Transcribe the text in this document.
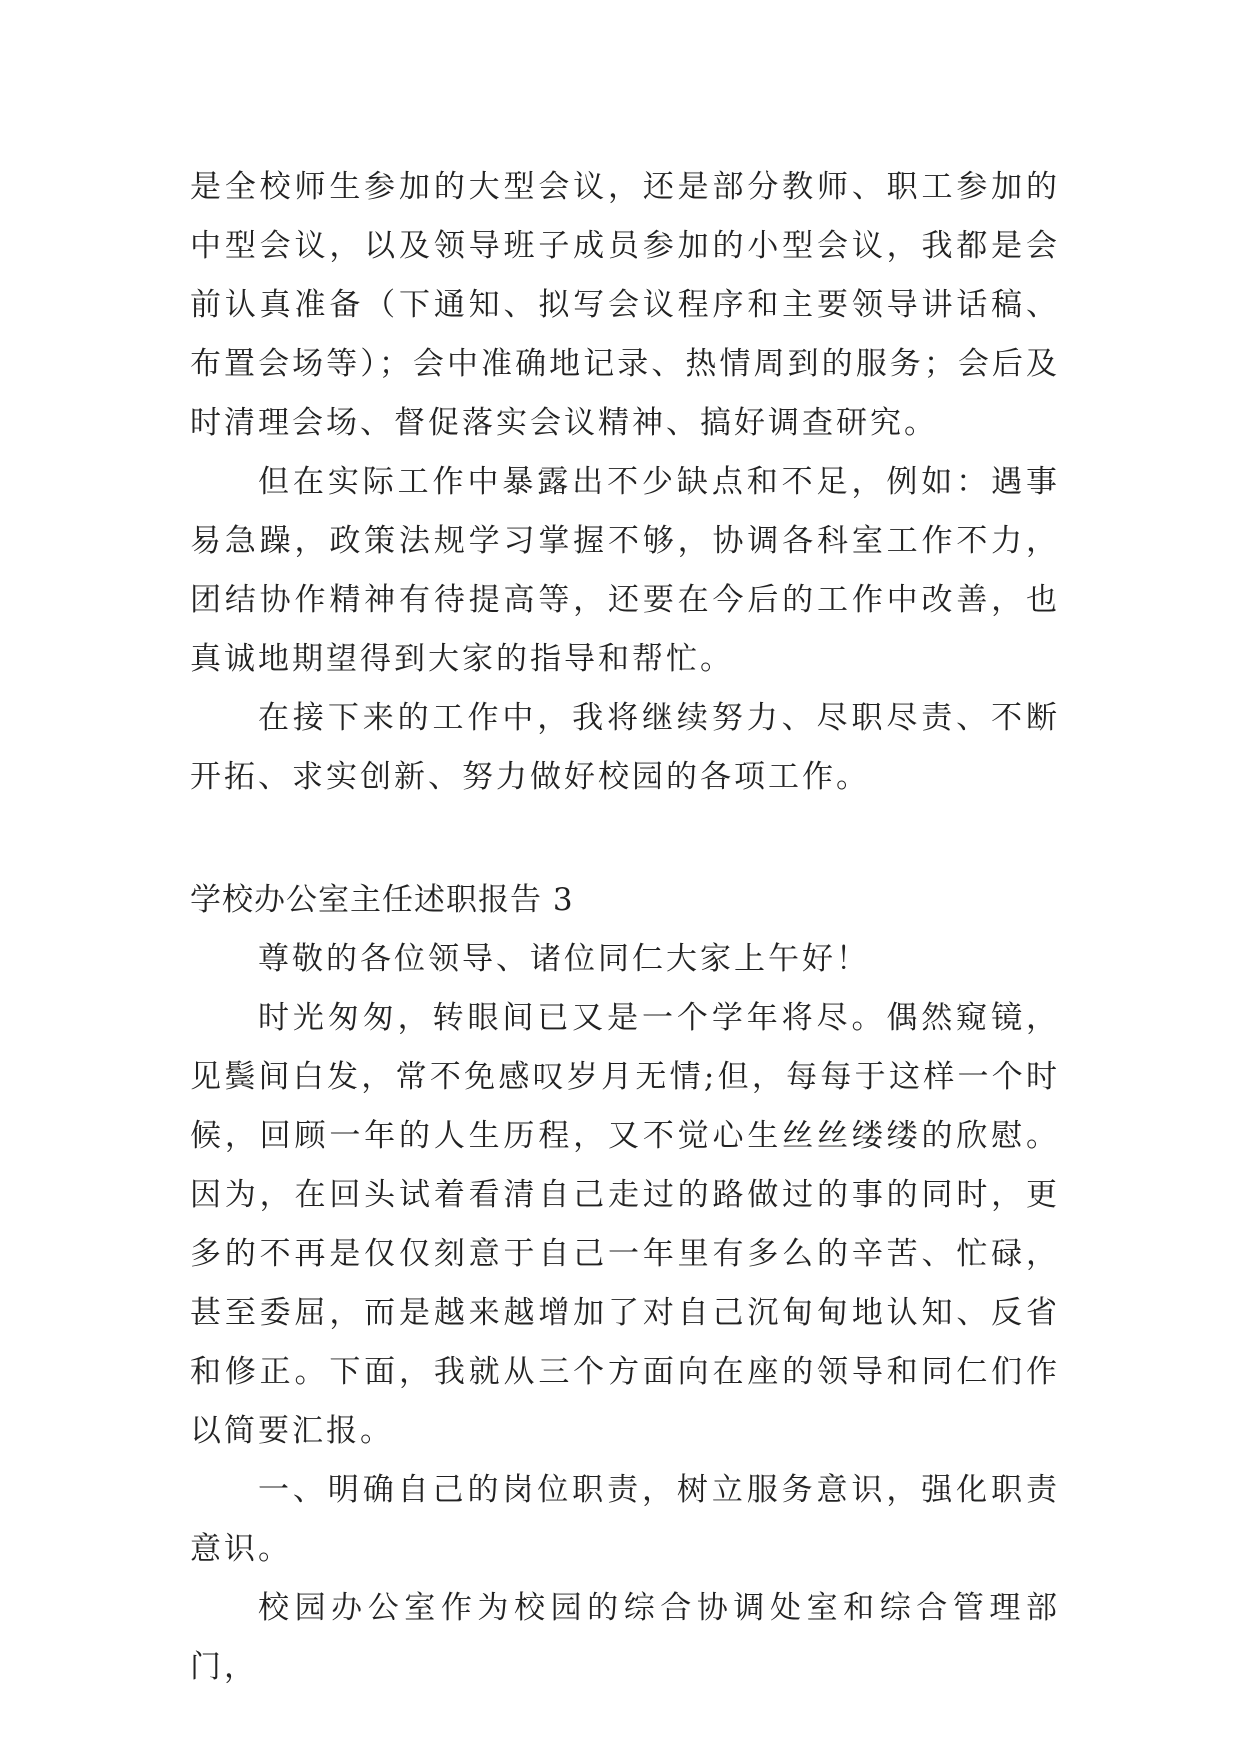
是全校师生参加的大型会议，还是部分教师、职工参加的中型会议，以及领导班子成员参加的小型会议，我都是会前认真准备（下通知、拟写会议程序和主要领导讲话稿、布置会场等）；会中准确地记录、热情周到的服务；会后及时清理会场、督促落实会议精神、搞好调查研究。

但在实际工作中暴露出不少缺点和不足，例如：遇事易急躁，政策法规学习掌握不够，协调各科室工作不力，团结协作精神有待提高等，还要在今后的工作中改善，也真诚地期望得到大家的指导和帮忙。

在接下来的工作中，我将继续努力、尽职尽责、不断开拓、求实创新、努力做好校园的各项工作。

学校办公室主任述职报告 3

尊敬的各位领导、诸位同仁大家上午好！

时光匆匆，转眼间已又是一个学年将尽。偶然窥镜，见鬓间白发，常不免感叹岁月无情;但，每每于这样一个时候，回顾一年的人生历程，又不觉心生丝丝缕缕的欣慰。因为，在回头试着看清自己走过的路做过的事的同时，更多的不再是仅仅刻意于自己一年里有多么的辛苦、忙碌，甚至委屈，而是越来越增加了对自己沉甸甸地认知、反省和修正。下面，我就从三个方面向在座的领导和同仁们作以简要汇报。

一、明确自己的岗位职责，树立服务意识，强化职责意识。

校园办公室作为校园的综合协调处室和综合管理部门，
